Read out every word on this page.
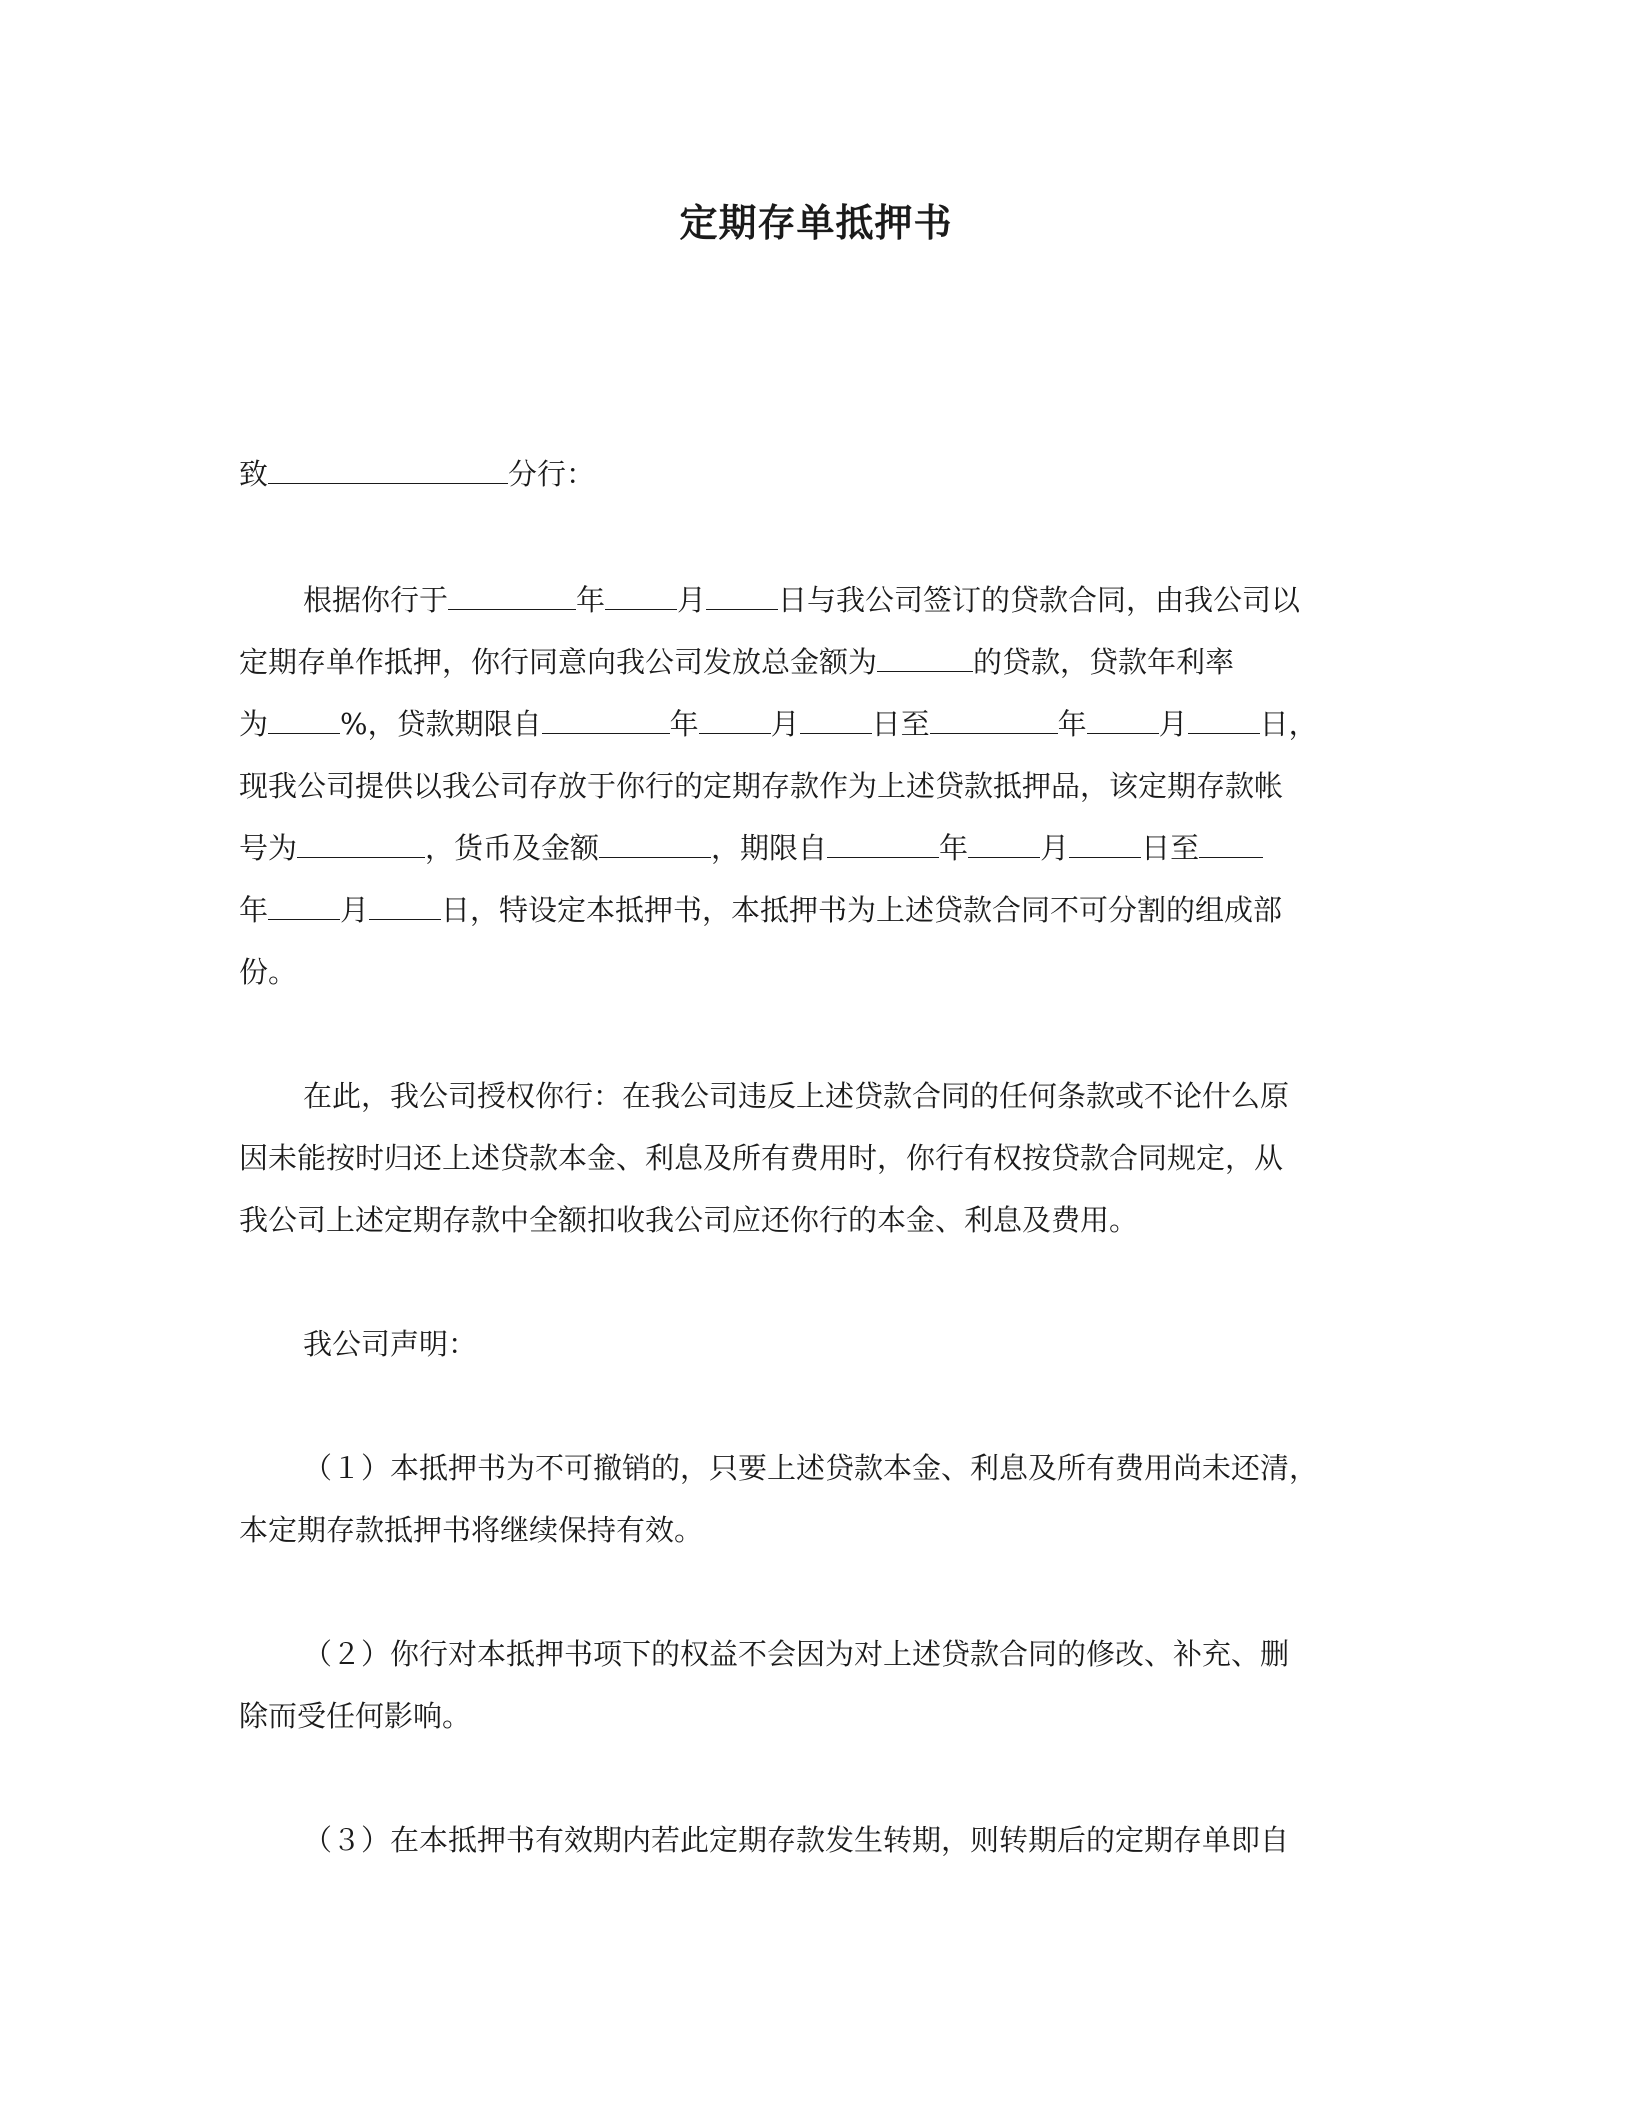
定期存单抵押书
致	分行：
根据你行于	年 月 日与我公司签订的贷款合同，由我公司以
定期存单作抵押，你行同意向我公司发放总金额为	的贷款，贷款年利率
为 %，贷款期限自	年 月 日至	年 月 日，
现我公司提供以我公司存放于你行的定期存款作为上述贷款抵押品，该定期存款帐
号为	，货币及金额	，期限自	年 月 日至
年 月 日，特设定本抵押书，本抵押书为上述贷款合同不可分割的组成部
份。
在此，我公司授权你行：在我公司违反上述贷款合同的任何条款或不论什么原
因未能按时归还上述贷款本金、利息及所有费用时，你行有权按贷款合同规定，从
我公司上述定期存款中全额扣收我公司应还你行的本金、利息及费用。
我公司声明：
（１）本抵押书为不可撤销的，只要上述贷款本金、利息及所有费用尚未还清，
本定期存款抵押书将继续保持有效。
（２）你行对本抵押书项下的权益不会因为对上述贷款合同的修改、补充、删
除而受任何影响。
（３）在本抵押书有效期内若此定期存款发生转期，则转期后的定期存单即自
